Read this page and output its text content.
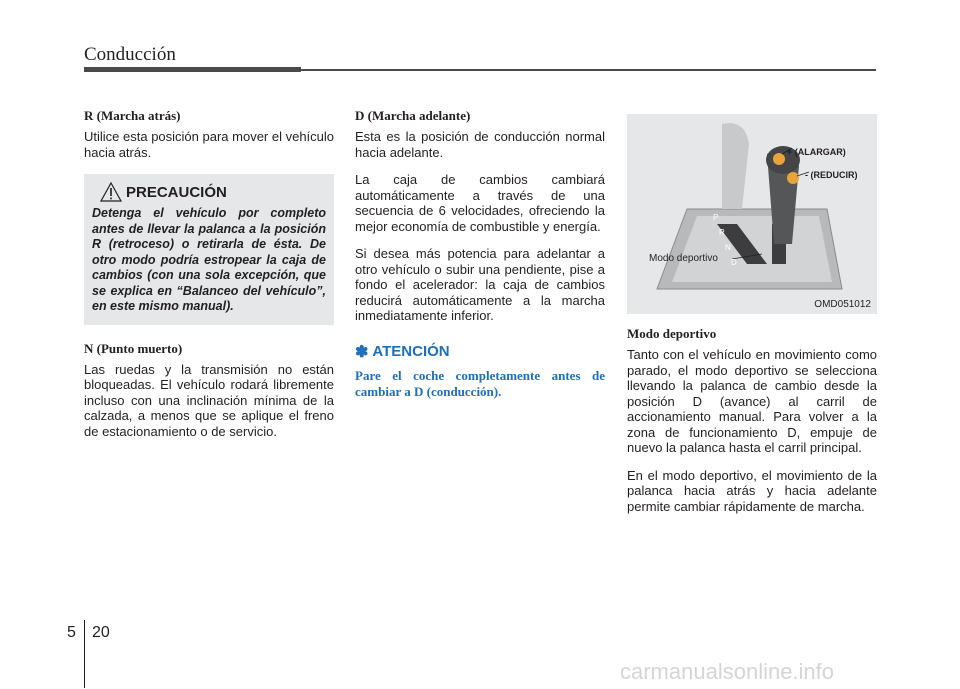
Conducción
R (Marcha atrás)

Utilice esta posición para mover el vehículo hacia atrás.

PRECAUCIÓN

Detenga el vehículo por completo antes de llevar la palanca a la posición R (retroceso) o retirarla de ésta. De otro modo podría estropear la caja de cambios (con una sola excepción, que se explica en “Balanceo del vehículo”, en este mismo manual).

N (Punto muerto)

Las ruedas y la transmisión no están bloqueadas. El vehículo rodará libremente incluso con una inclinación mínima de la calzada, a menos que se aplique el freno de estacionamiento o de servicio.

D (Marcha adelante)

Esta es la posición de conducción normal hacia adelante.

La caja de cambios cambiará automáticamente a través de una secuencia de 6 velocidades, ofreciendo la mejor economía de combustible y energía.

Si desea más potencia para adelantar a otro vehículo o subir una pendiente, pise a fondo el acelerador: la caja de cambios reducirá automáticamente a la marcha inmediatamente inferior.

✽ ATENCIÓN

Pare el coche completamente antes de cambiar a D (conducción).

P
R
N
D
+ (ALARGAR)
- (REDUCIR)
Modo deportivo
OMD051012
Modo deportivo

Tanto con el vehículo en movimiento como parado, el modo deportivo se selecciona llevando la palanca de cambio desde la posición D (avance) al carril de accionamiento manual. Para volver a la zona de funcionamiento D, empuje de nuevo la palanca hasta el carril principal.

En el modo deportivo, el movimiento de la palanca hacia atrás y hacia adelante permite cambiar rápidamente de marcha.

5 20
carmanualsonline.info
